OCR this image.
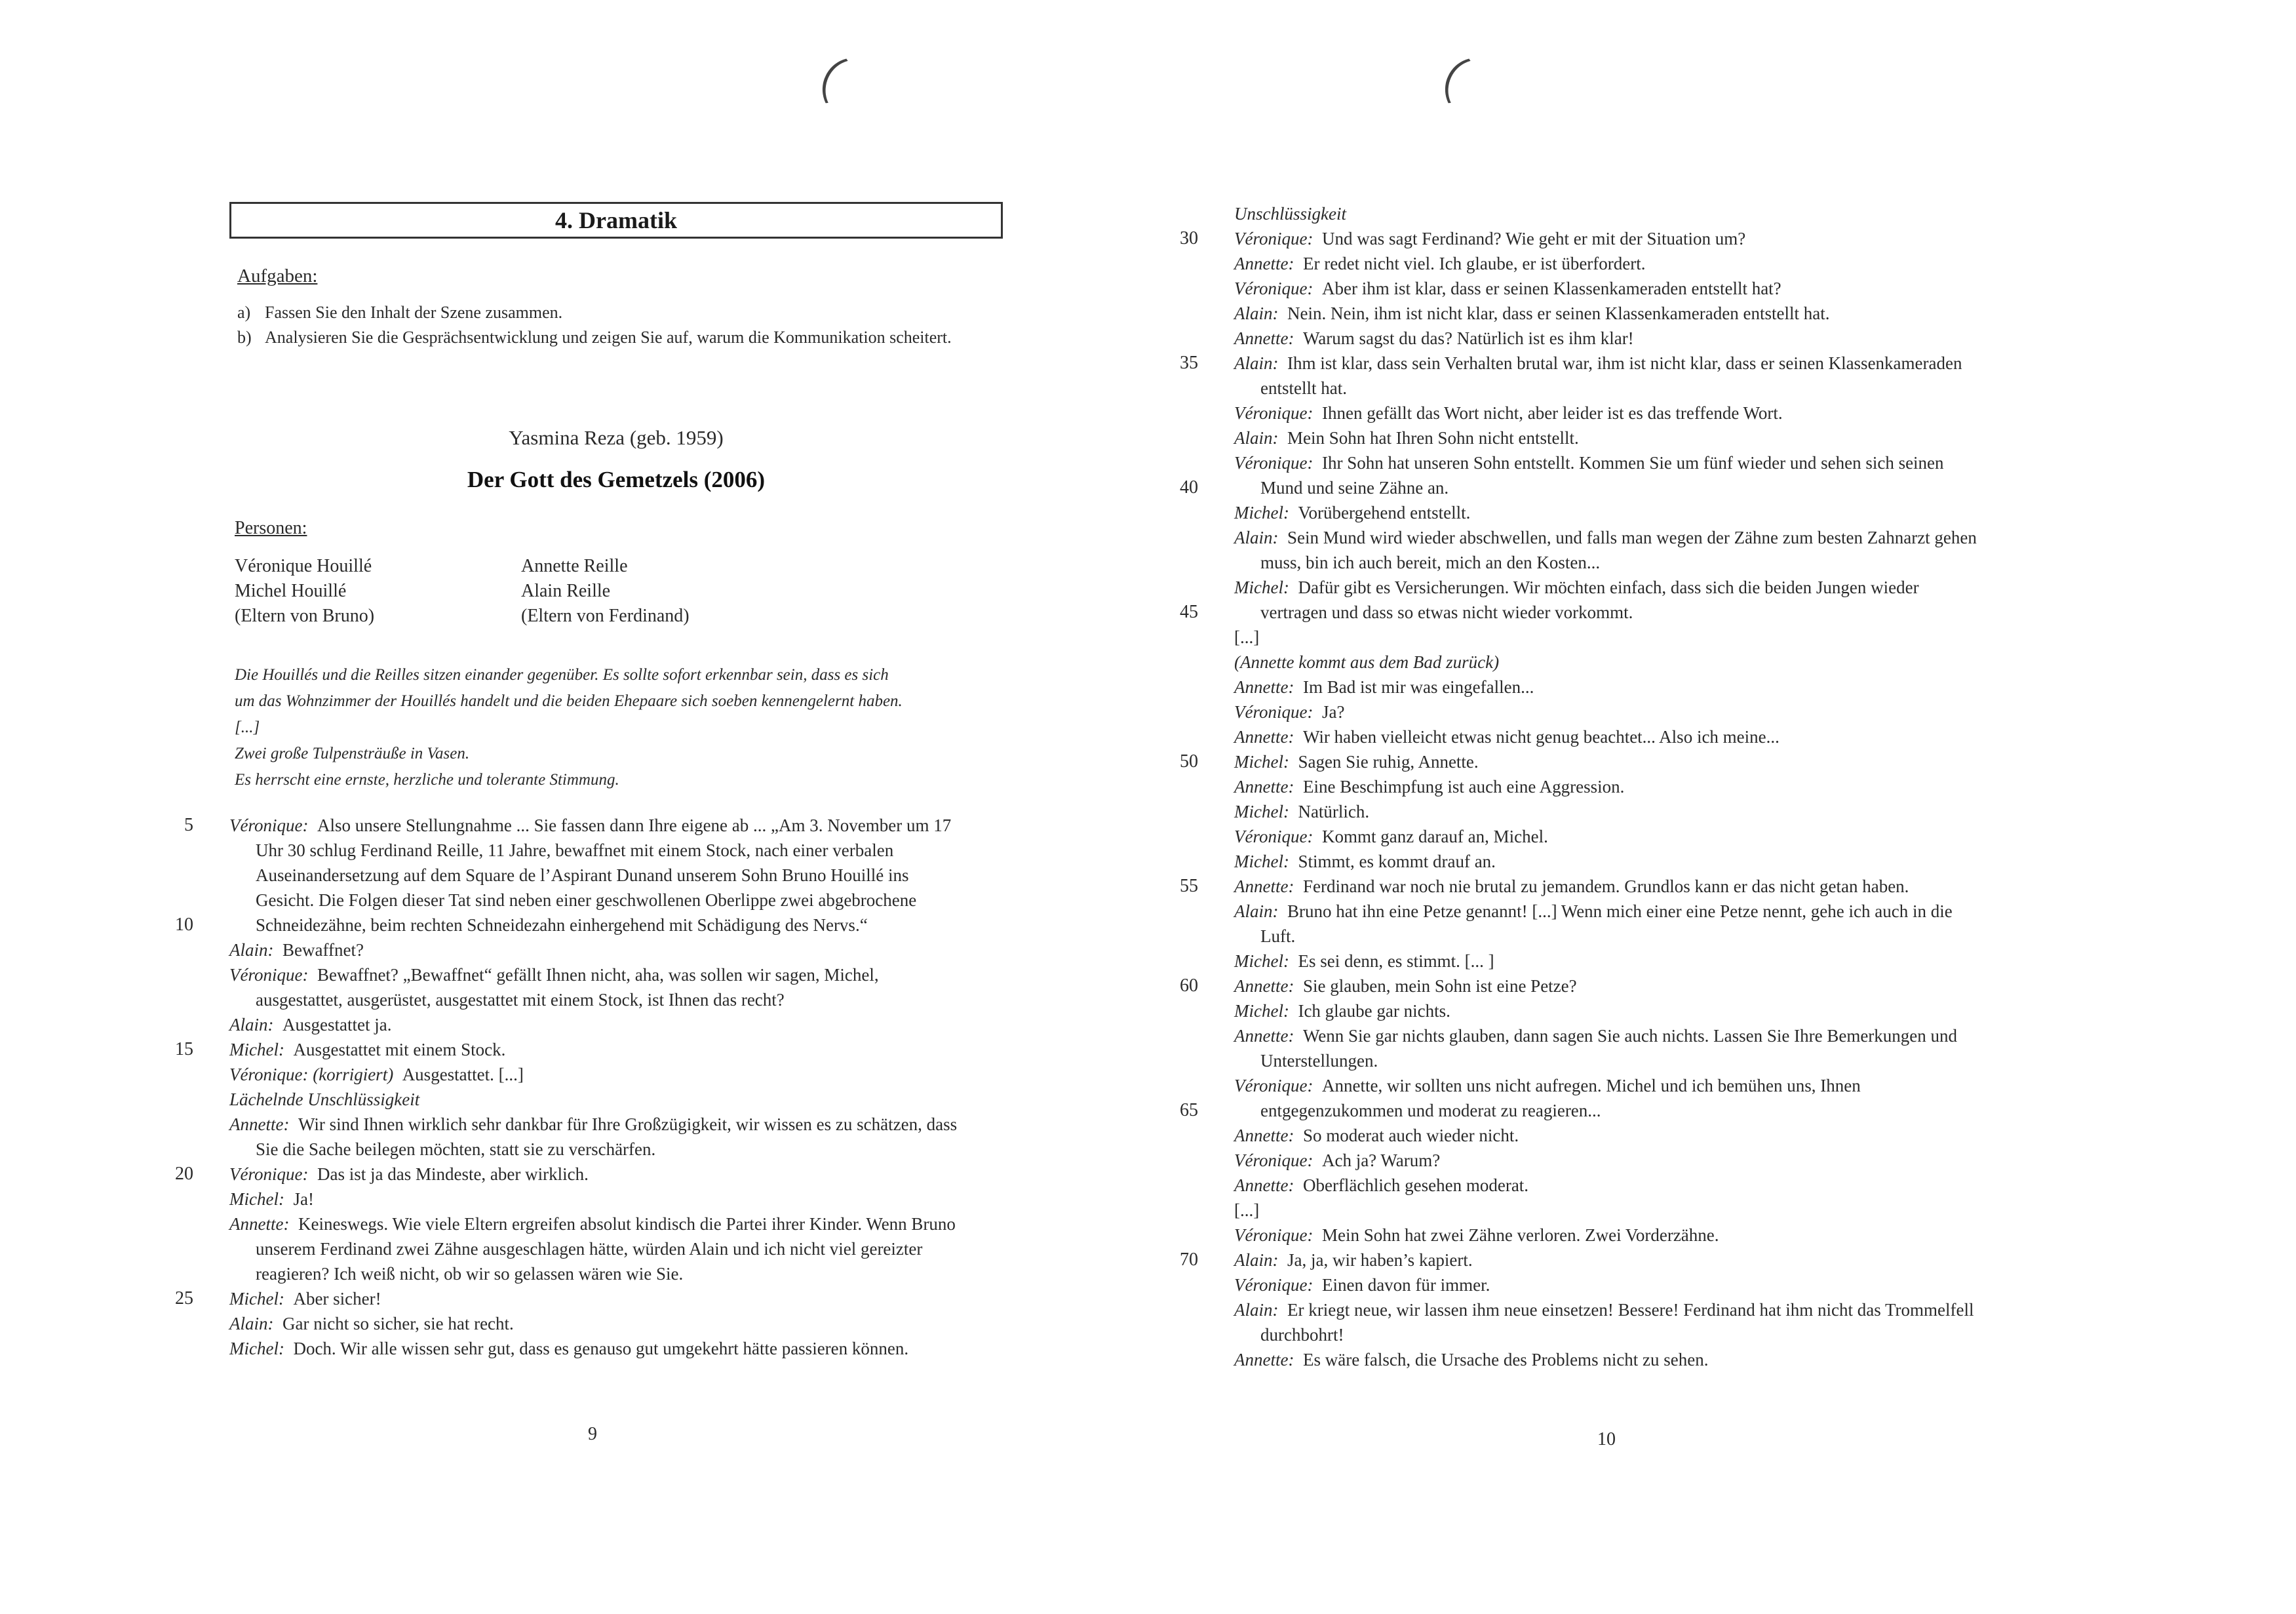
4. Dramatik
Aufgaben:
a) Fassen Sie den Inhalt der Szene zusammen.
b) Analysieren Sie die Gesprächsentwicklung und zeigen Sie auf, warum die Kommunikation scheitert.
Yasmina Reza (geb. 1959)
Der Gott des Gemetzels (2006)
Personen:
Véronique Houillé
Michel Houillé
(Eltern von Bruno)
Annette Reille
Alain Reille
(Eltern von Ferdinand)
Die Houillés und die Reilles sitzen einander gegenüber. Es sollte sofort erkennbar sein, dass es sich
um das Wohnzimmer der Houillés handelt und die beiden Ehepaare sich soeben kennengelernt haben.
[...]
Zwei große Tulpensträuße in Vasen.
Es herrscht eine ernste, herzliche und tolerante Stimmung.
5 Véronique: Also unsere Stellungnahme ... Sie fassen dann Ihre eigene ab ... „Am 3. November um 17 Uhr 30 schlug Ferdinand Reille, 11 Jahre, bewaffnet mit einem Stock, nach einer verbalen Auseinandersetzung auf dem Square de l’Aspirant Dunand unserem Sohn Bruno Houillé ins Gesicht. Die Folgen dieser Tat sind neben einer geschwollenen Oberlippe zwei abgebrochene Schneidezähne, beim rechten Schneidezahn einhergehend mit Schädigung des Nervs.“
10
Alain: Bewaffnet?
Véronique: Bewaffnet? „Bewaffnet“ gefällt Ihnen nicht, aha, was sollen wir sagen, Michel, ausgestattet, ausgerüstet, ausgestattet mit einem Stock, ist Ihnen das recht?
Alain: Ausgestattet ja.
15 Michel: Ausgestattet mit einem Stock.
Véronique: (korrigiert) Ausgestattet. [...]
Lächelnde Unschlüssigkeit
Annette: Wir sind Ihnen wirklich sehr dankbar für Ihre Großzügigkeit, wir wissen es zu schätzen, dass Sie die Sache beilegen möchten, statt sie zu verschärfen.
20 Véronique: Das ist ja das Mindeste, aber wirklich.
Michel: Ja!
Annette: Keineswegs. Wie viele Eltern ergreifen absolut kindisch die Partei ihrer Kinder. Wenn Bruno unserem Ferdinand zwei Zähne ausgeschlagen hätte, würden Alain und ich nicht viel gereizter reagieren? Ich weiß nicht, ob wir so gelassen wären wie Sie.
25 Michel: Aber sicher!
Alain: Gar nicht so sicher, sie hat recht.
Michel: Doch. Wir alle wissen sehr gut, dass es genauso gut umgekehrt hätte passieren können.
9
Unschlüssigkeit
30 Véronique: Und was sagt Ferdinand? Wie geht er mit der Situation um?
Annette: Er redet nicht viel. Ich glaube, er ist überfordert.
Véronique: Aber ihm ist klar, dass er seinen Klassenkameraden entstellt hat?
Alain: Nein. Nein, ihm ist nicht klar, dass er seinen Klassenkameraden entstellt hat.
Annette: Warum sagst du das? Natürlich ist es ihm klar!
35 Alain: Ihm ist klar, dass sein Verhalten brutal war, ihm ist nicht klar, dass er seinen Klassenkameraden entstellt hat.
Véronique: Ihnen gefällt das Wort nicht, aber leider ist es das treffende Wort.
Alain: Mein Sohn hat Ihren Sohn nicht entstellt.
Véronique: Ihr Sohn hat unseren Sohn entstellt. Kommen Sie um fünf wieder und sehen sich seinen Mund und seine Zähne an.
40
Michel: Vorübergehend entstellt.
Alain: Sein Mund wird wieder abschwellen, und falls man wegen der Zähne zum besten Zahnarzt gehen muss, bin ich auch bereit, mich an den Kosten...
Michel: Dafür gibt es Versicherungen. Wir möchten einfach, dass sich die beiden Jungen wieder vertragen und dass so etwas nicht wieder vorkommt.
45
[...]
(Annette kommt aus dem Bad zurück)
Annette: Im Bad ist mir was eingefallen...
Véronique: Ja?
Annette: Wir haben vielleicht etwas nicht genug beachtet... Also ich meine...
50 Michel: Sagen Sie ruhig, Annette.
Annette: Eine Beschimpfung ist auch eine Aggression.
Michel: Natürlich.
Véronique: Kommt ganz darauf an, Michel.
Michel: Stimmt, es kommt drauf an.
55 Annette: Ferdinand war noch nie brutal zu jemandem. Grundlos kann er das nicht getan haben.
Alain: Bruno hat ihn eine Petze genannt! [...] Wenn mich einer eine Petze nennt, gehe ich auch in die Luft.
Michel: Es sei denn, es stimmt. [... ]
60 Annette: Sie glauben, mein Sohn ist eine Petze?
Michel: Ich glaube gar nichts.
Annette: Wenn Sie gar nichts glauben, dann sagen Sie auch nichts. Lassen Sie Ihre Bemerkungen und Unterstellungen.
Véronique: Annette, wir sollten uns nicht aufregen. Michel und ich bemühen uns, Ihnen entgegenzukommen und moderat zu reagieren...
65
Annette: So moderat auch wieder nicht.
Véronique: Ach ja? Warum?
Annette: Oberflächlich gesehen moderat.
[...]
Véronique: Mein Sohn hat zwei Zähne verloren. Zwei Vorderzähne.
70 Alain: Ja, ja, wir haben’s kapiert.
Véronique: Einen davon für immer.
Alain: Er kriegt neue, wir lassen ihm neue einsetzen! Bessere! Ferdinand hat ihm nicht das Trommelfell durchbohrt!
Annette: Es wäre falsch, die Ursache des Problems nicht zu sehen.
10
